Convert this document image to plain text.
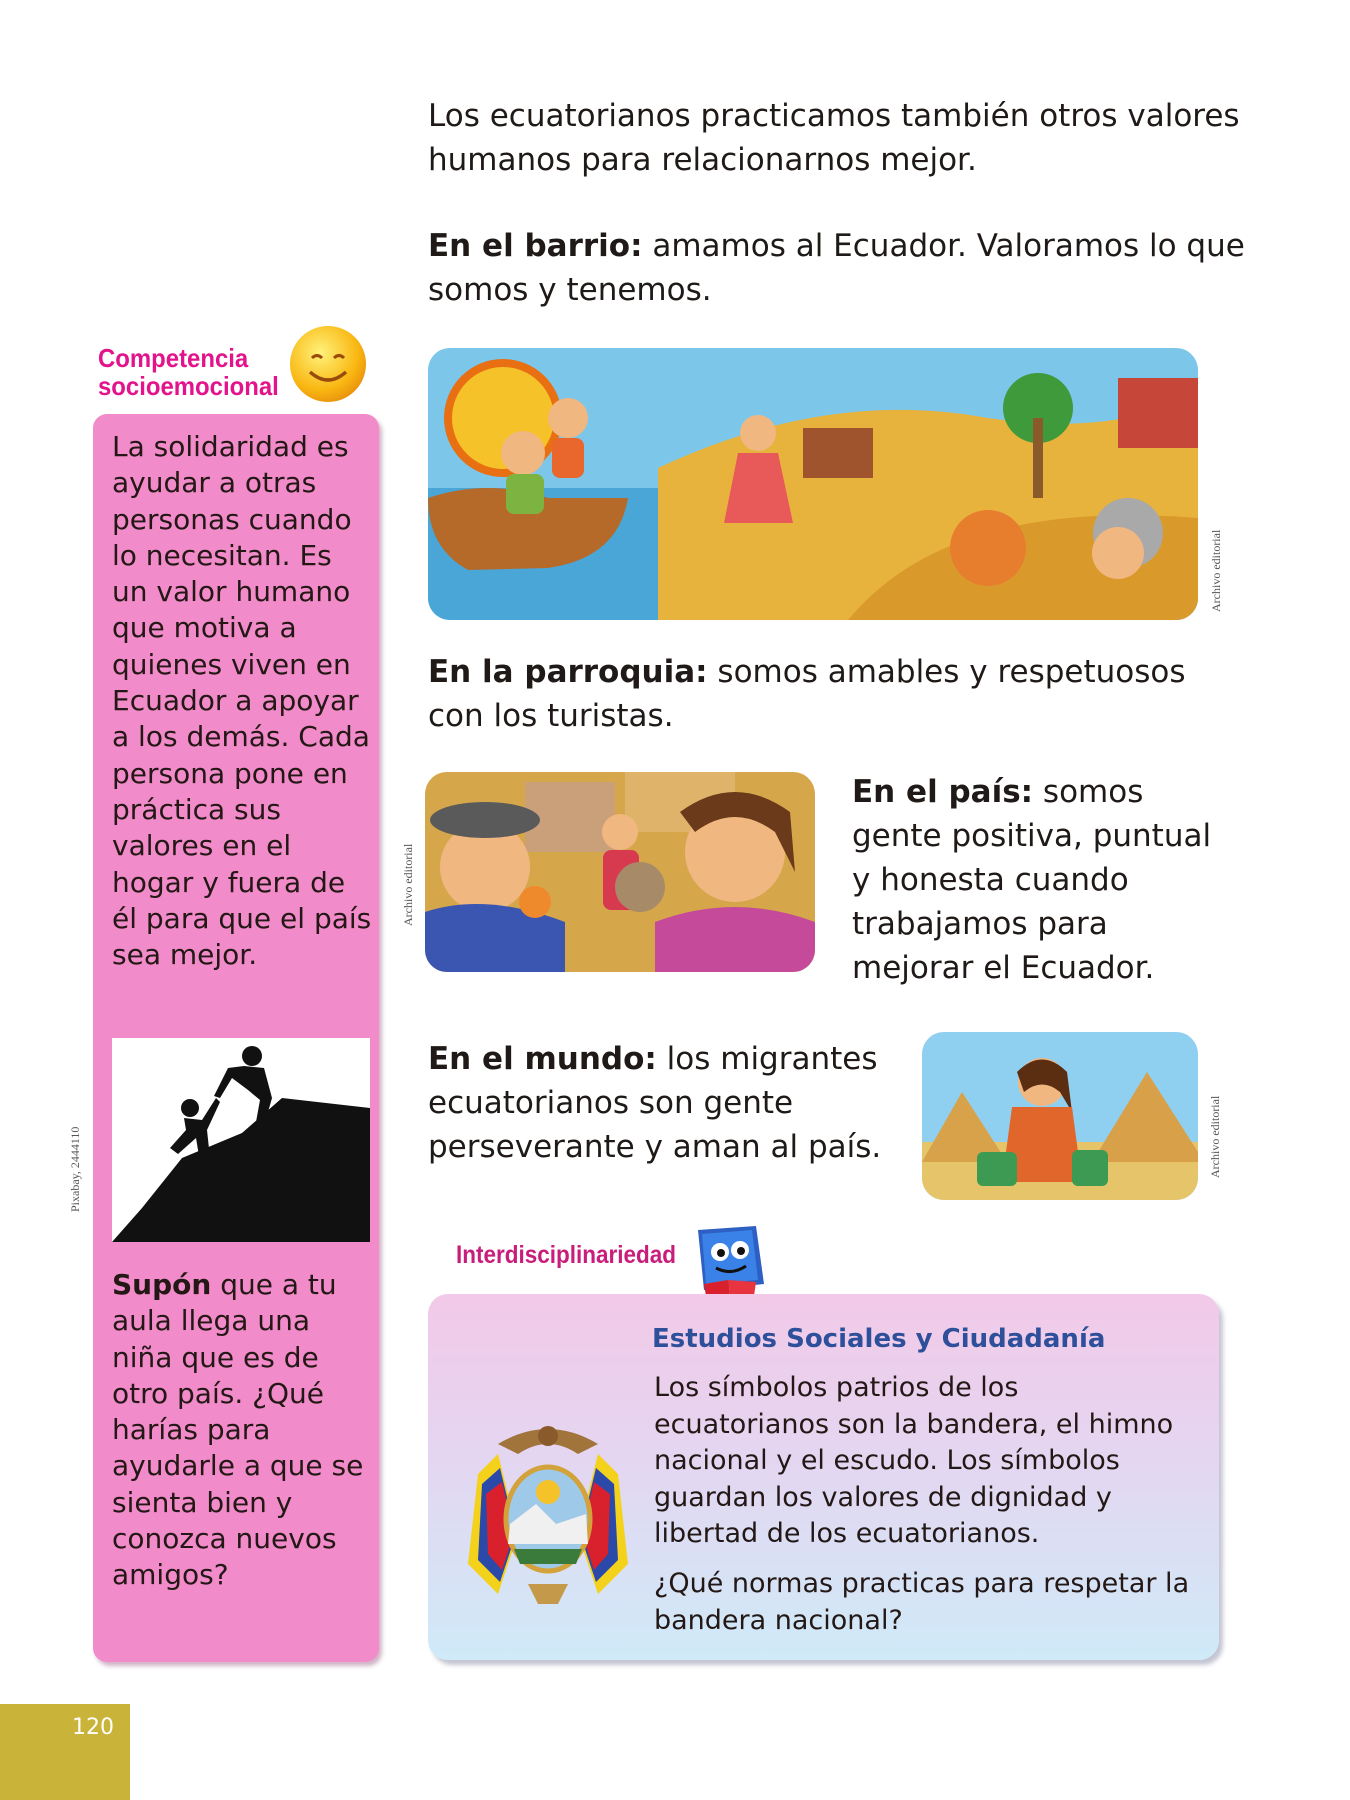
Los ecuatorianos practicamos también otros valores humanos para relacionarnos mejor.

En el barrio: amamos al Ecuador. Valoramos lo que somos y tenemos.

Archivo editorial

En la parroquia: somos amables y respetuosos con los turistas.

Archivo editorial

En el país: somos gente positiva, puntual y honesta cuando trabajamos para mejorar el Ecuador.

En el mundo: los migrantes ecuatorianos son gente perseverante y aman al país.	Archivo editorial
Competencia
socioemocional
La solidaridad es ayudar a otras personas cuando lo necesitan. Es un valor humano que motiva a quienes viven en Ecuador a apoyar a los demás. Cada persona pone en práctica sus valores en el hogar y fuera de él para que el país sea mejor.
Supón que a tu aula llega una niña que es de otro país. ¿Qué harías para ayudarle a que se sienta bien y conozca nuevos amigos?
Pixabay, 2444110
Interdisciplinariedad
Estudios Sociales y Ciudadanía
Los símbolos patrios de los ecuatorianos son la bandera, el himno nacional y el escudo. Los símbolos guardan los valores de dignidad y libertad de los ecuatorianos.
¿Qué normas practicas para respetar la bandera nacional?
120
